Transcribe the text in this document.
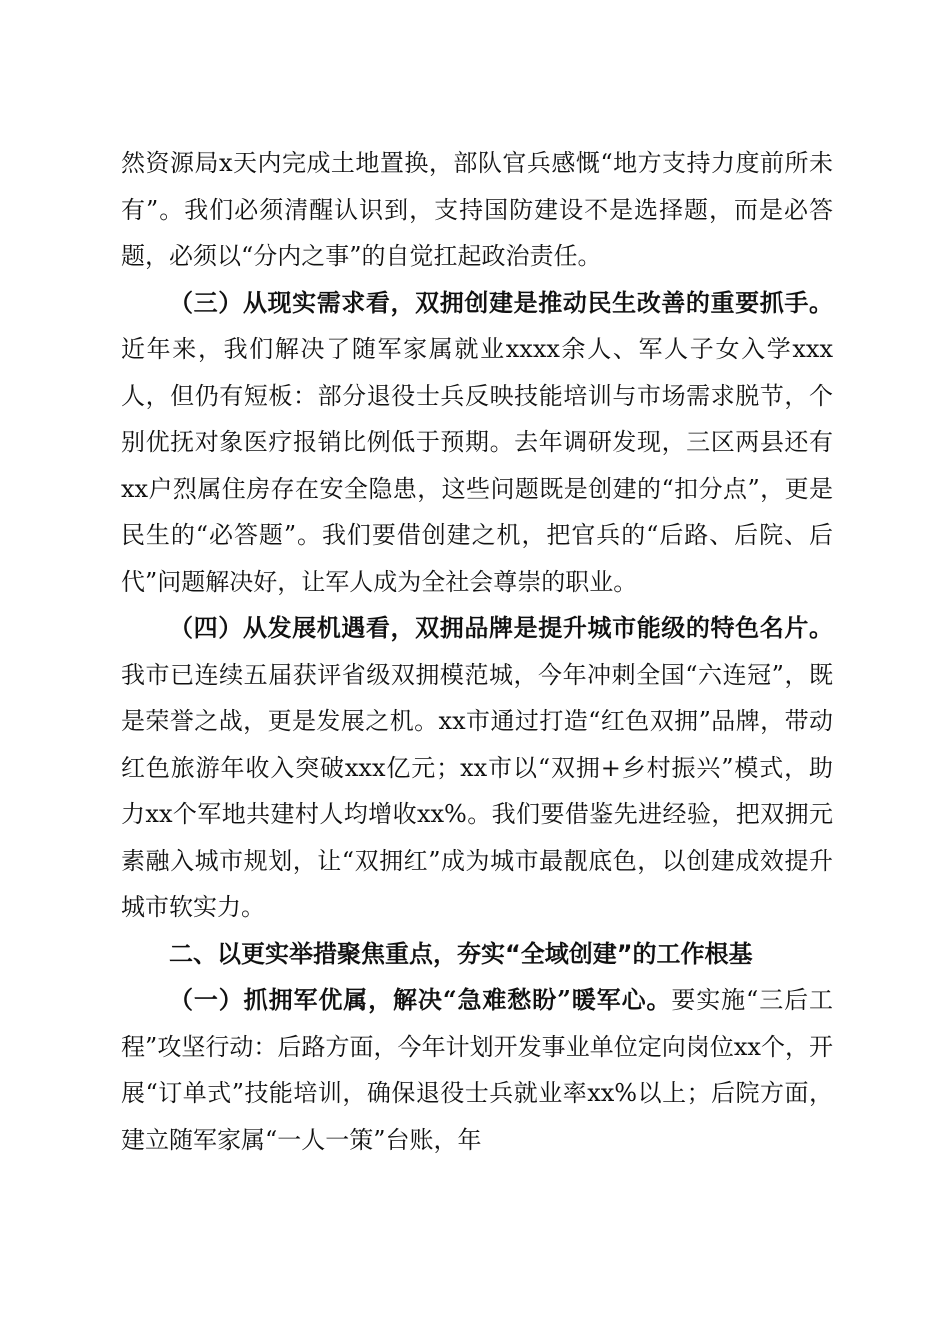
然资源局x天内完成土地置换，部队官兵感慨“地方支持力度前所未有”。我们必须清醒认识到，支持国防建设不是选择题，而是必答题，必须以“分内之事”的自觉扛起政治责任。

（三）从现实需求看，双拥创建是推动民生改善的重要抓手。近年来，我们解决了随军家属就业xxxx余人、军人子女入学xxx人，但仍有短板：部分退役士兵反映技能培训与市场需求脱节，个别优抚对象医疗报销比例低于预期。去年调研发现，三区两县还有xx户烈属住房存在安全隐患，这些问题既是创建的“扣分点”，更是民生的“必答题”。我们要借创建之机，把官兵的“后路、后院、后代”问题解决好，让军人成为全社会尊崇的职业。

（四）从发展机遇看，双拥品牌是提升城市能级的特色名片。我市已连续五届获评省级双拥模范城，今年冲刺全国“六连冠”，既是荣誉之战，更是发展之机。xx市通过打造“红色双拥”品牌，带动红色旅游年收入突破xxx亿元；xx市以“双拥+乡村振兴”模式，助力xx个军地共建村人均增收xx%。我们要借鉴先进经验，把双拥元素融入城市规划，让“双拥红”成为城市最靓底色，以创建成效提升城市软实力。

二、以更实举措聚焦重点，夯实“全域创建”的工作根基

（一）抓拥军优属，解决“急难愁盼”暖军心。要实施“三后工程”攻坚行动：后路方面，今年计划开发事业单位定向岗位xx个，开展“订单式”技能培训，确保退役士兵就业率xx%以上；后院方面，建立随军家属“一人一策”台账，年
